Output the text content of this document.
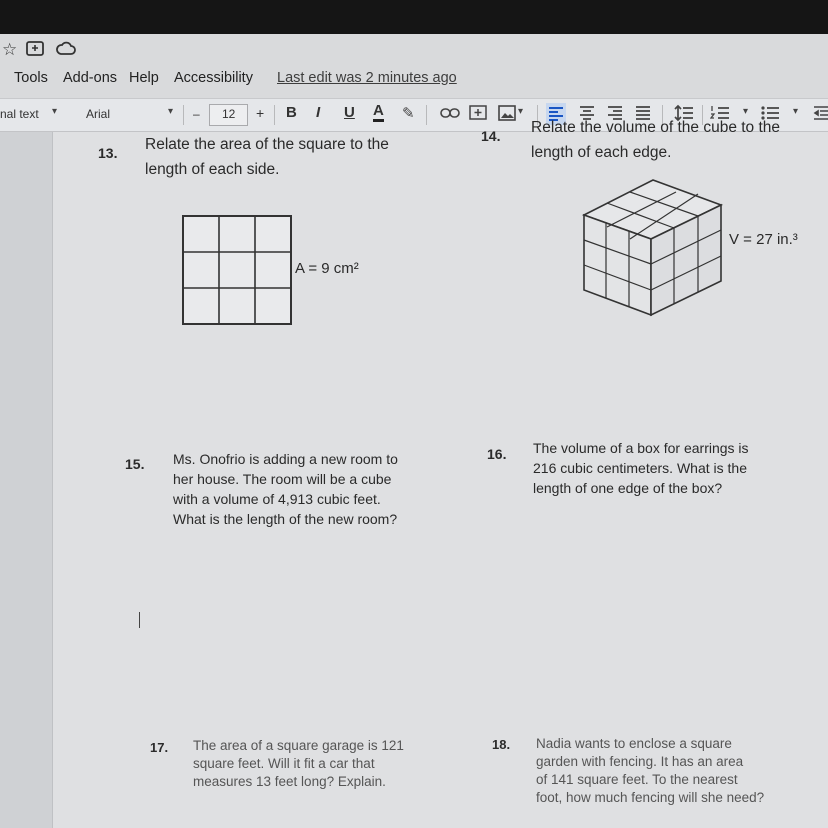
☆
Tools Add-ons Help Accessibility Last edit was 2 minutes ago
nal text ▾ Arial	▾ – 12 + B I U A ✎	▾	▾	▾
13. Relate the area of the square to the
length of each side.
A = 9 cm²
14. Relate the volume of the cube to the
length of each edge.
V = 27 in.³
15. Ms. Onofrio is adding a new room to
her house. The room will be a cube
with a volume of 4,913 cubic feet.
What is the length of the new room?
16. The volume of a box for earrings is
216 cubic centimeters. What is the
length of one edge of the box?
17. The area of a square garage is 121
square feet. Will it fit a car that
measures 13 feet long? Explain.
18. Nadia wants to enclose a square
garden with fencing. It has an area
of 141 square feet. To the nearest
foot, how much fencing will she need?
